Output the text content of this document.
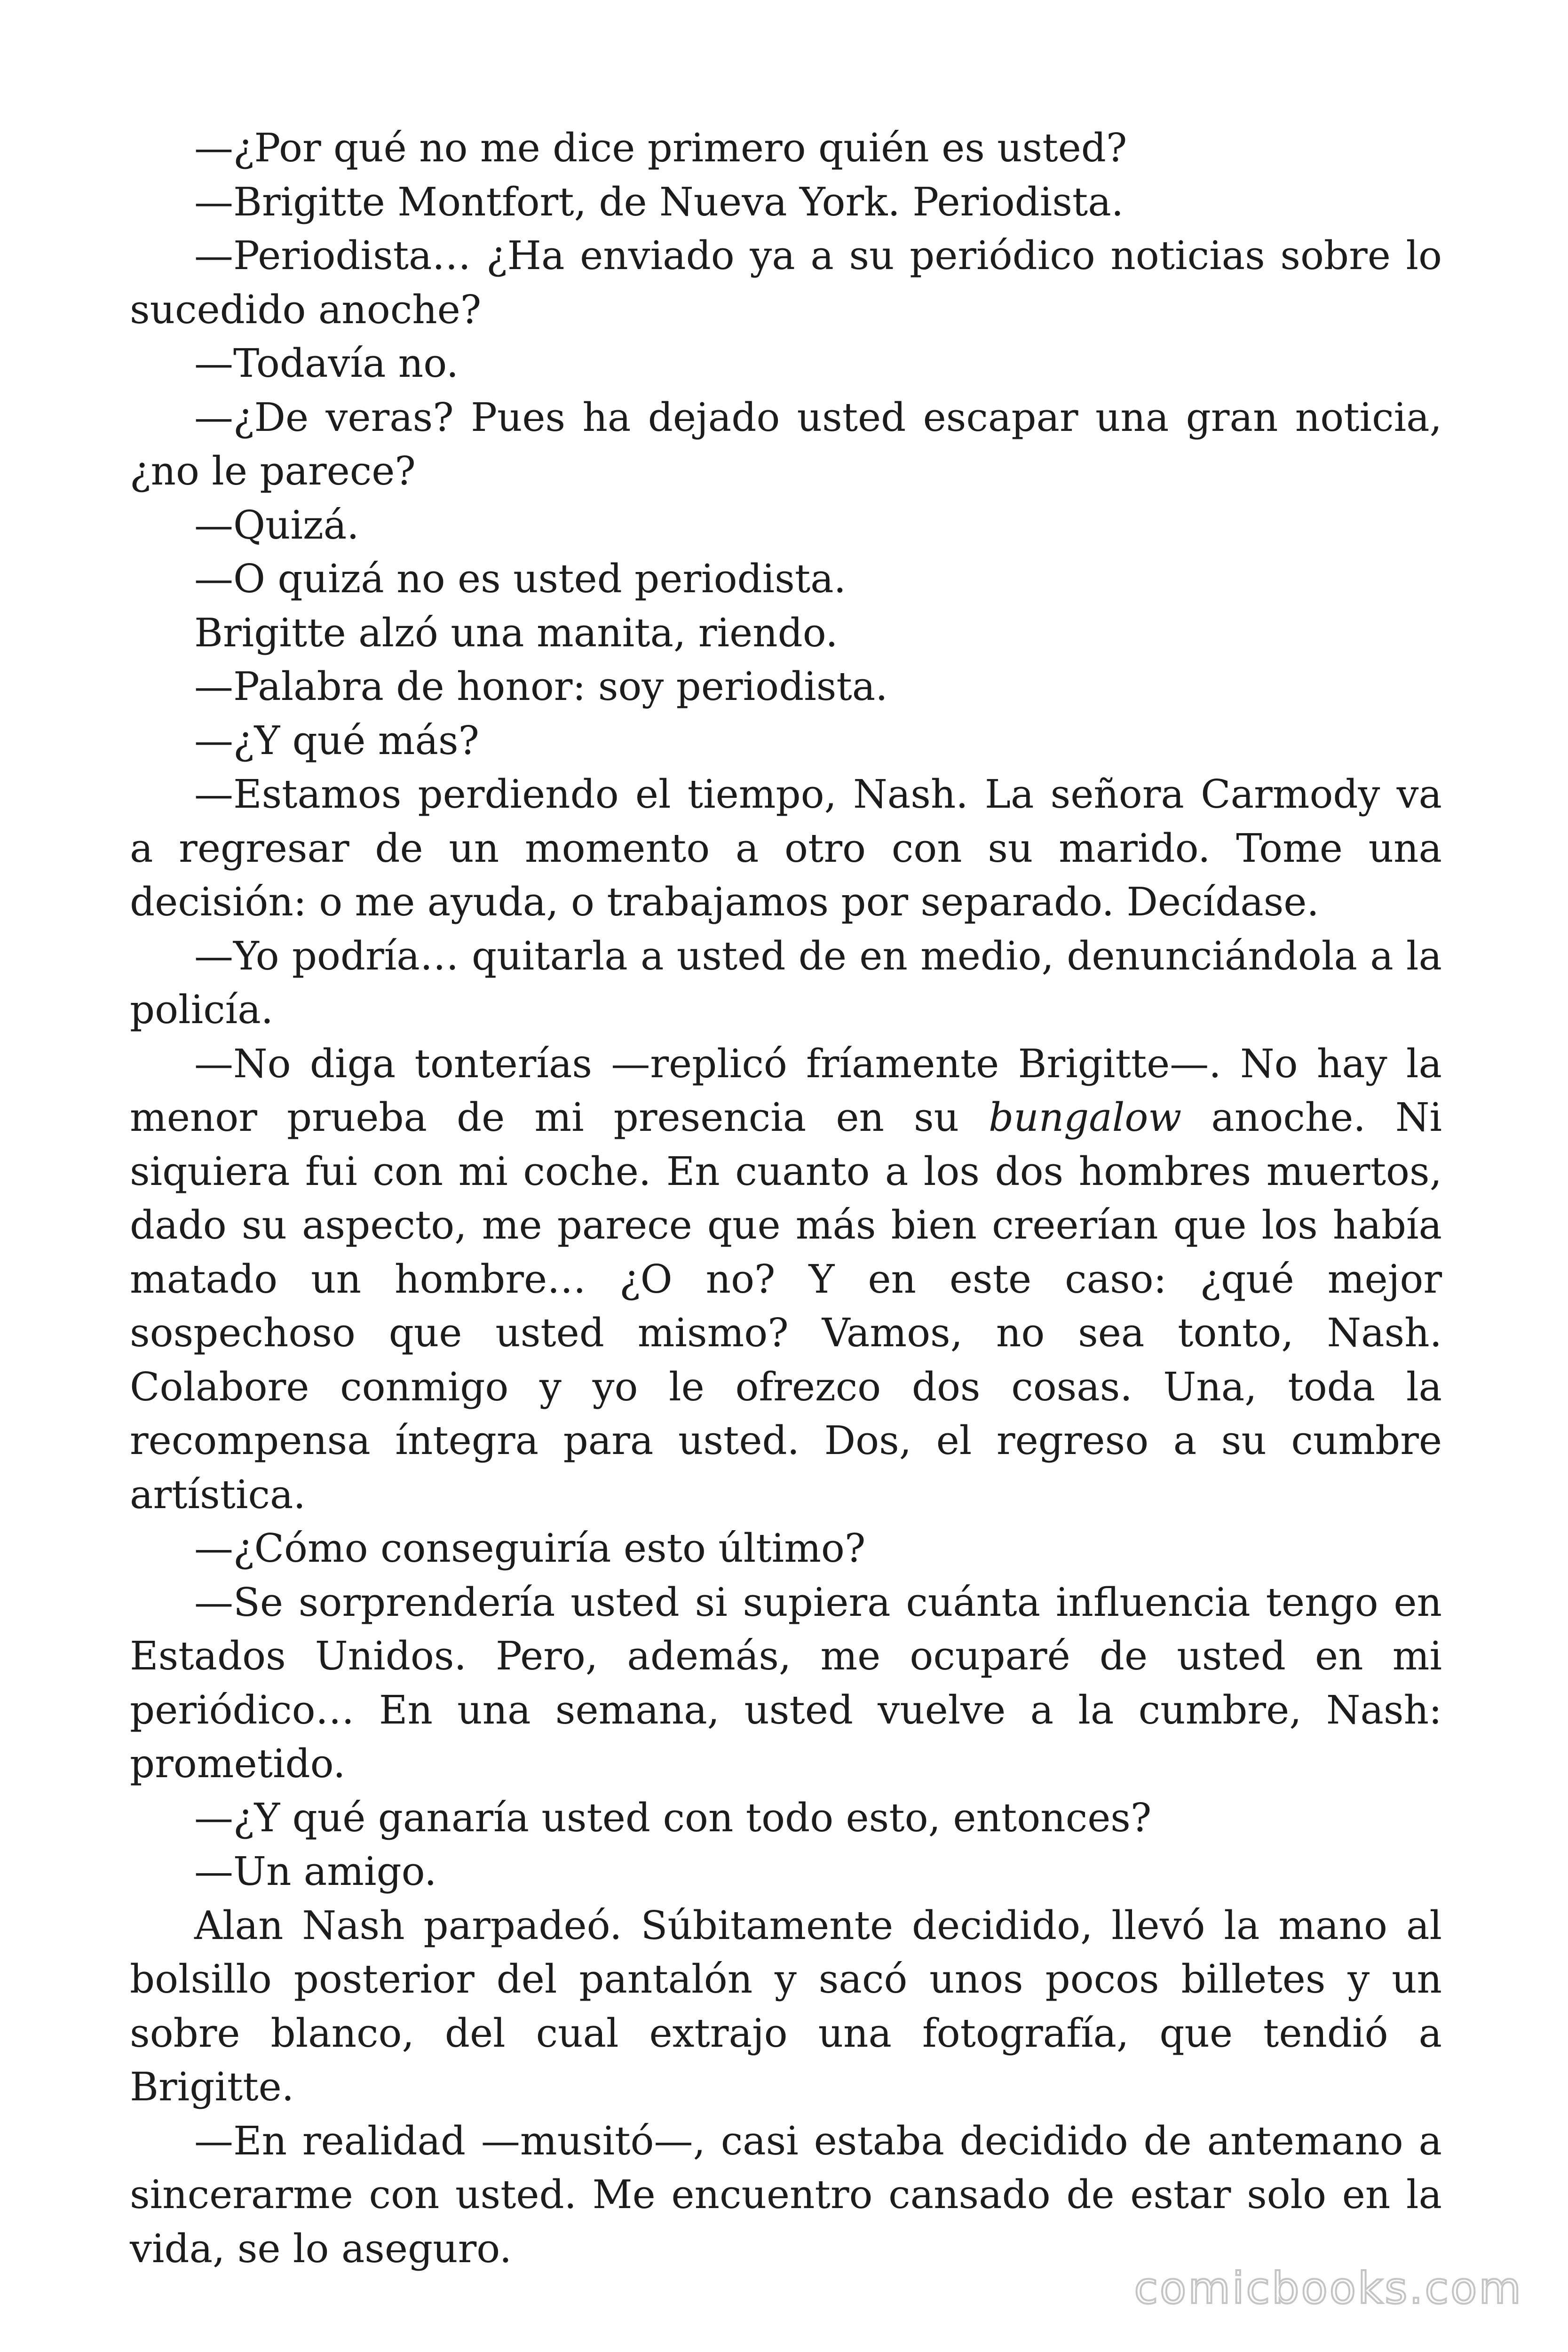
—¿Por qué no me dice primero quién es usted?

—Brigitte Montfort, de Nueva York. Periodista.

—Periodista… ¿Ha enviado ya a su periódico noticias sobre lo sucedido anoche?

—Todavía no.

—¿De veras? Pues ha dejado usted escapar una gran noticia, ¿no le parece?

—Quizá.

—O quizá no es usted periodista.

Brigitte alzó una manita, riendo.

—Palabra de honor: soy periodista.

—¿Y qué más?

—Estamos perdiendo el tiempo, Nash. La señora Carmody va a regresar de un momento a otro con su marido. Tome una decisión: o me ayuda, o trabajamos por separado. Decídase.

—Yo podría… quitarla a usted de en medio, denunciándola a la policía.

—No diga tonterías —replicó fríamente Brigitte—. No hay la menor prueba de mi presencia en su bungalow anoche. Ni siquiera fui con mi coche. En cuanto a los dos hombres muertos, dado su aspecto, me parece que más bien creerían que los había matado un hombre… ¿O no? Y en este caso: ¿qué mejor sospechoso que usted mismo? Vamos, no sea tonto, Nash. Colabore conmigo y yo le ofrezco dos cosas. Una, toda la recompensa íntegra para usted. Dos, el regreso a su cumbre artística.

—¿Cómo conseguiría esto último?

—Se sorprendería usted si supiera cuánta influencia tengo en Estados Unidos. Pero, además, me ocuparé de usted en mi periódico… En una semana, usted vuelve a la cumbre, Nash: prometido.

—¿Y qué ganaría usted con todo esto, entonces?

—Un amigo.

Alan Nash parpadeó. Súbitamente decidido, llevó la mano al bolsillo posterior del pantalón y sacó unos pocos billetes y un sobre blanco, del cual extrajo una fotografía, que tendió a Brigitte.

—En realidad —musitó—, casi estaba decidido de antemano a sincerarme con usted. Me encuentro cansado de estar solo en la vida, se lo aseguro.

comicbooks.com
